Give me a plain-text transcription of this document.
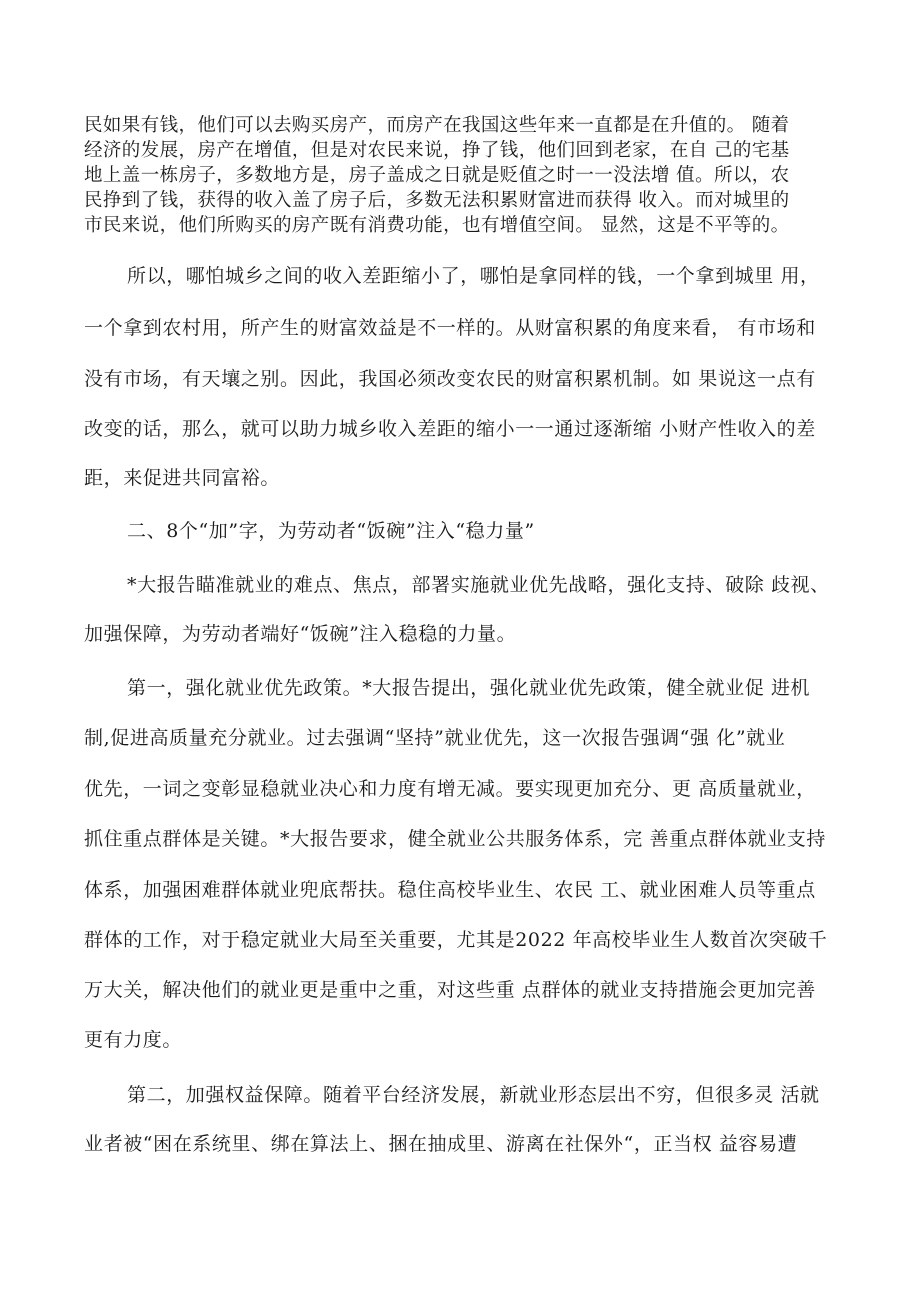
民如果有钱，他们可以去购买房产，而房产在我国这些年来一直都是在升值的。 随着
经济的发展，房产在增值，但是对农民来说，挣了钱，他们回到老家，在自 己的宅基
地上盖一栋房子，多数地方是，房子盖成之日就是贬值之时一一没法增 值。所以，农
民挣到了钱，获得的收入盖了房子后，多数无法积累财富进而获得 收入。而对城里的
市民来说，他们所购买的房产既有消费功能，也有增值空间。 显然，这是不平等的。
所以，哪怕城乡之间的收入差距缩小了，哪怕是拿同样的钱，一个拿到城里 用，
一个拿到农村用，所产生的财富效益是不一样的。从财富积累的角度来看， 有市场和
没有市场，有天壤之别。因此，我国必须改变农民的财富积累机制。如 果说这一点有
改变的话，那么，就可以助力城乡收入差距的缩小一一通过逐渐缩 小财产性收入的差
距，来促进共同富裕。
二、8个“加”字，为劳动者“饭碗”注入“稳力量”
*大报告瞄准就业的难点、焦点，部署实施就业优先战略，强化支持、破除 歧视、
加强保障，为劳动者端好“饭碗”注入稳稳的力量。
第一，强化就业优先政策。*大报告提出，强化就业优先政策，健全就业促 进机
制,促进高质量充分就业。过去强调“坚持”就业优先，这一次报告强调“强 化”就业
优先，一词之变彰显稳就业决心和力度有增无减。要实现更加充分、更 高质量就业，
抓住重点群体是关键。*大报告要求，健全就业公共服务体系，完 善重点群体就业支持
体系，加强困难群体就业兜底帮扶。稳住高校毕业生、农民 工、就业困难人员等重点
群体的工作，对于稳定就业大局至关重要，尤其是2022 年高校毕业生人数首次突破千
万大关，解决他们的就业更是重中之重，对这些重 点群体的就业支持措施会更加完善
更有力度。
第二，加强权益保障。随着平台经济发展，新就业形态层出不穷，但很多灵 活就
业者被“困在系统里、绑在算法上、捆在抽成里、游离在社保外“，正当权 益容易遭
